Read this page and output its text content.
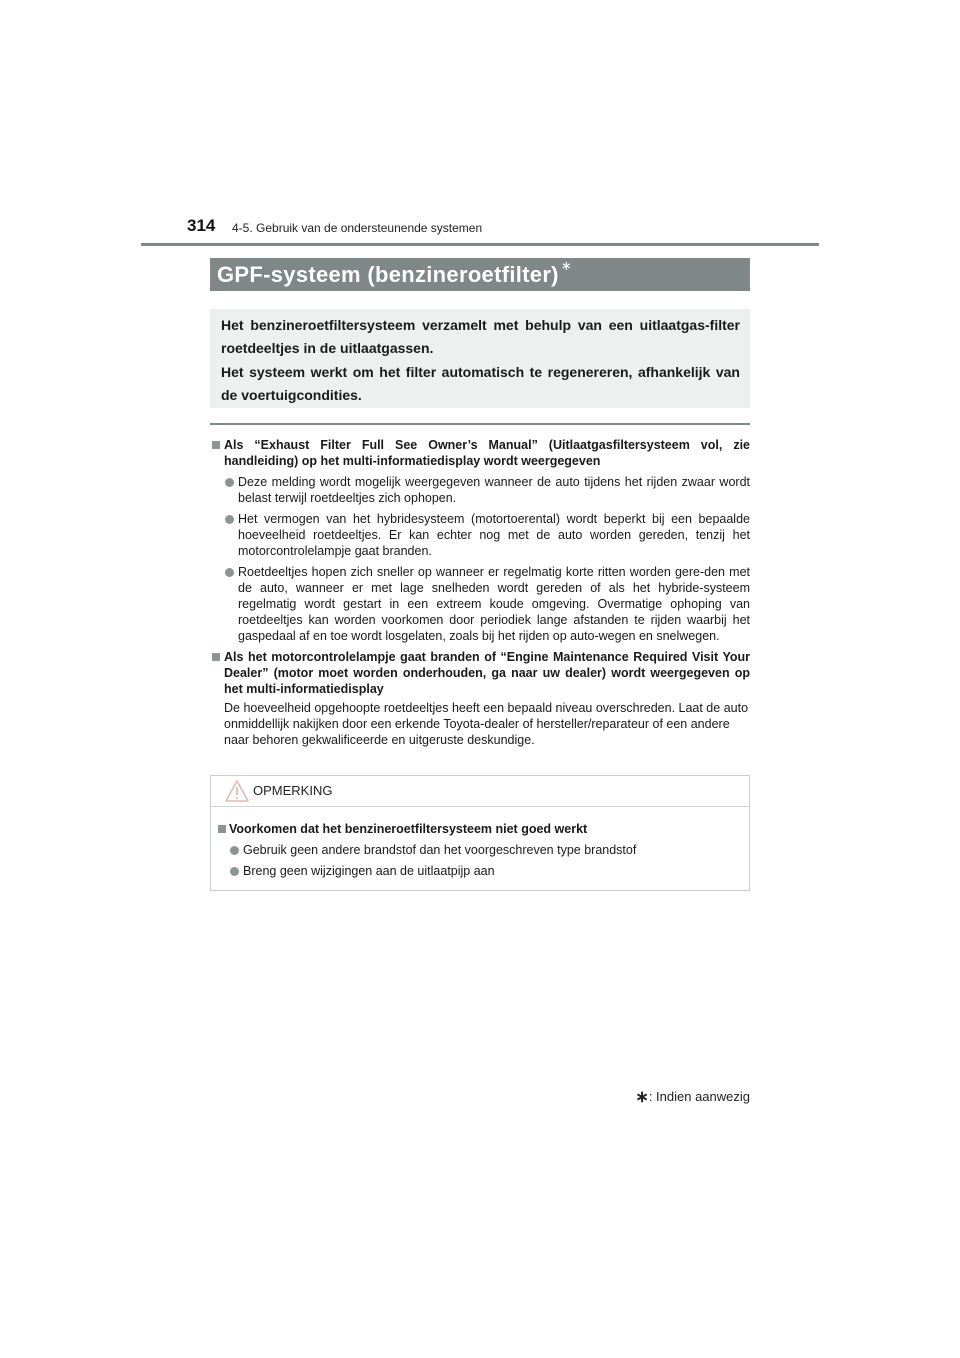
314 4-5. Gebruik van de ondersteunende systemen
GPF-systeem (benzineroetfilter) ∗

Het benzineroetfiltersysteem verzamelt met behulp van een uitlaatgas-filter roetdeeltjes in de uitlaatgassen.

Het systeem werkt om het filter automatisch te regenereren, afhankelijk van de voertuigcondities.

Als “Exhaust Filter Full See Owner’s Manual” (Uitlaatgasfiltersysteem vol, zie handleiding) op het multi-informatiedisplay wordt weergegeven
Deze melding wordt mogelijk weergegeven wanneer de auto tijdens het rijden zwaar wordt belast terwijl roetdeeltjes zich ophopen.
Het vermogen van het hybridesysteem (motortoerental) wordt beperkt bij een bepaalde hoeveelheid roetdeeltjes. Er kan echter nog met de auto worden gereden, tenzij het motorcontrolelampje gaat branden.
Roetdeeltjes hopen zich sneller op wanneer er regelmatig korte ritten worden gere-den met de auto, wanneer er met lage snelheden wordt gereden of als het hybride-systeem regelmatig wordt gestart in een extreem koude omgeving. Overmatige ophoping van roetdeeltjes kan worden voorkomen door periodiek lange afstanden te rijden waarbij het gaspedaal af en toe wordt losgelaten, zoals bij het rijden op auto-wegen en snelwegen.
Als het motorcontrolelampje gaat branden of “Engine Maintenance Required Visit Your Dealer” (motor moet worden onderhouden, ga naar uw dealer) wordt weergegeven op het multi-informatiedisplay
De hoeveelheid opgehoopte roetdeeltjes heeft een bepaald niveau overschreden. Laat de auto onmiddellijk nakijken door een erkende Toyota-dealer of hersteller/reparateur of een andere naar behoren gekwalificeerde en uitgeruste deskundige.
OPMERKING
Voorkomen dat het benzineroetfiltersysteem niet goed werkt
Gebruik geen andere brandstof dan het voorgeschreven type brandstof
Breng geen wijzigingen aan de uitlaatpijp aan
∗: Indien aanwezig
